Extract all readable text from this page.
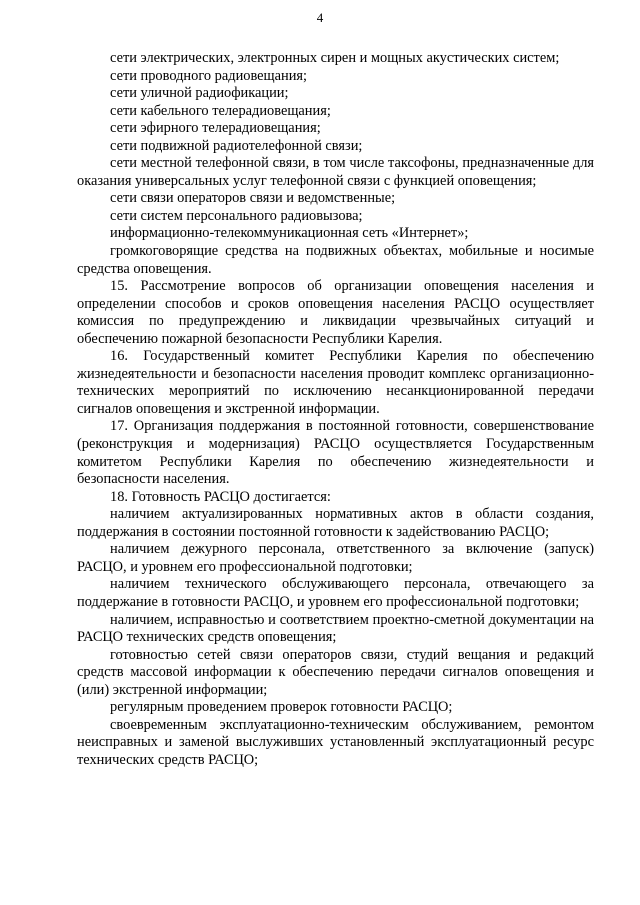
4

сети электрических, электронных сирен и мощных акустических систем;

сети проводного радиовещания;

сети уличной радиофикации;

сети кабельного телерадиовещания;

сети эфирного телерадиовещания;

сети подвижной радиотелефонной связи;

сети местной телефонной связи, в том числе таксофоны, предназначенные для оказания универсальных услуг телефонной связи с функцией оповещения;

сети связи операторов связи и ведомственные;

сети систем персонального радиовызова;

информационно-телекоммуникационная сеть «Интернет»;

громкоговорящие средства на подвижных объектах, мобильные и носимые средства оповещения.

15. Рассмотрение вопросов об организации оповещения населения и определении способов и сроков оповещения населения РАСЦО осуществляет комиссия по предупреждению и ликвидации чрезвычайных ситуаций и обеспечению пожарной безопасности Республики Карелия.

16. Государственный комитет Республики Карелия по обеспечению жизнедеятельности и безопасности населения проводит комплекс организационно-технических мероприятий по исключению несанкционированной передачи сигналов оповещения и экстренной информации.

17. Организация поддержания в постоянной готовности, совершенствование (реконструкция и модернизация) РАСЦО осуществляется Государственным комитетом Республики Карелия по обеспечению жизнедеятельности и безопасности населения.

18. Готовность РАСЦО достигается:

наличием актуализированных нормативных актов в области создания, поддержания в состоянии постоянной готовности к задействованию РАСЦО;

наличием дежурного персонала, ответственного за включение (запуск) РАСЦО, и уровнем его профессиональной подготовки;

наличием технического обслуживающего персонала, отвечающего за поддержание в готовности РАСЦО, и уровнем его профессиональной подготовки;

наличием, исправностью и соответствием проектно-сметной документации на РАСЦО технических средств оповещения;

готовностью сетей связи операторов связи, студий вещания и редакций средств массовой информации к обеспечению передачи сигналов оповещения и (или) экстренной информации;

регулярным проведением проверок готовности РАСЦО;

своевременным эксплуатационно-техническим обслуживанием, ремонтом неисправных и заменой выслуживших установленный эксплуатационный ресурс технических средств РАСЦО;
